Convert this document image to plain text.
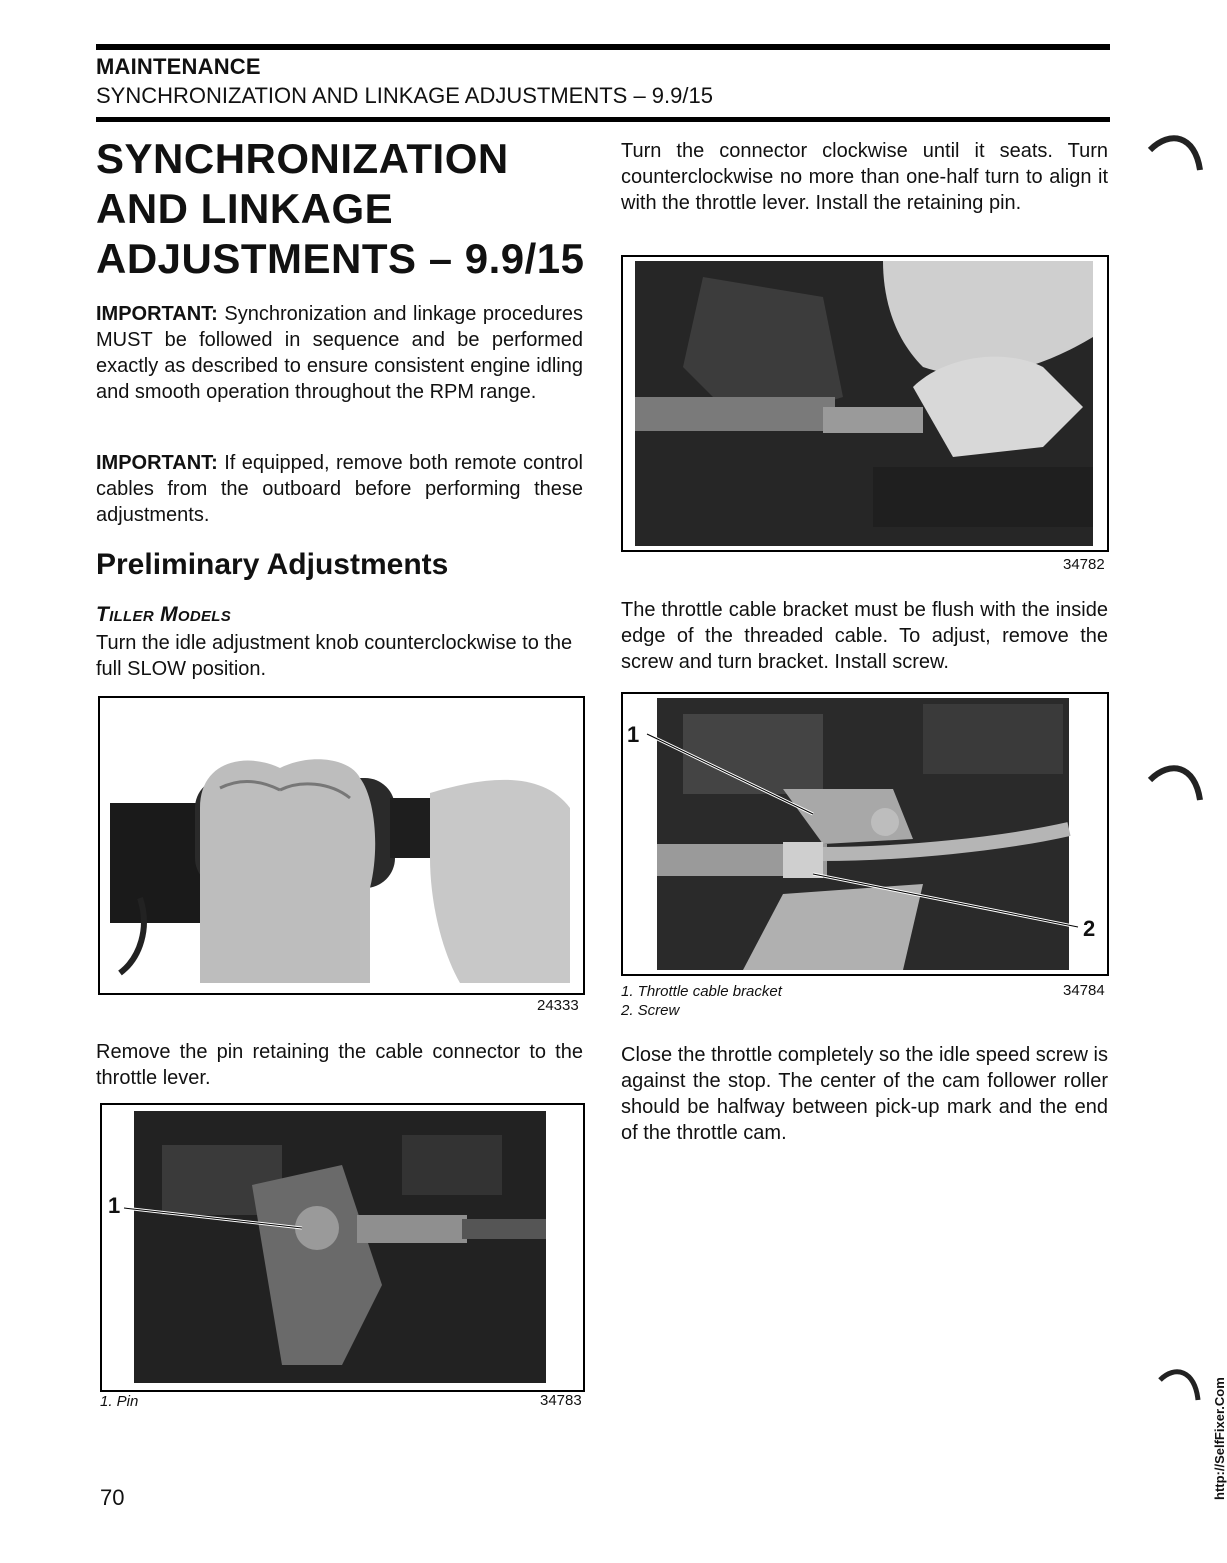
MAINTENANCE
SYNCHRONIZATION AND LINKAGE ADJUSTMENTS – 9.9/15
SYNCHRONIZATION
AND LINKAGE
ADJUSTMENTS – 9.9/15
IMPORTANT: Synchronization and linkage procedures MUST be followed in sequence and be performed exactly as described to ensure consistent engine idling and smooth operation throughout the RPM range.
IMPORTANT: If equipped, remove both remote control cables from the outboard before performing these adjustments.
Preliminary Adjustments
Tiller Models
Turn the idle adjustment knob counterclockwise to the full SLOW position.
24333
Remove the pin retaining the cable connector to the throttle lever.
1
1. Pin	34783
Turn the connector clockwise until it seats. Turn counterclockwise no more than one-half turn to align it with the throttle lever. Install the retaining pin.
34782
The throttle cable bracket must be flush with the inside edge of the threaded cable. To adjust, remove the screw and turn bracket. Install screw.
1
2
1. Throttle cable bracket
2. Screw
34784
Close the throttle completely so the idle speed screw is against the stop. The center of the cam follower roller should be halfway between pick-up mark and the end of the throttle cam.
70	http://SelfFixer.Com
